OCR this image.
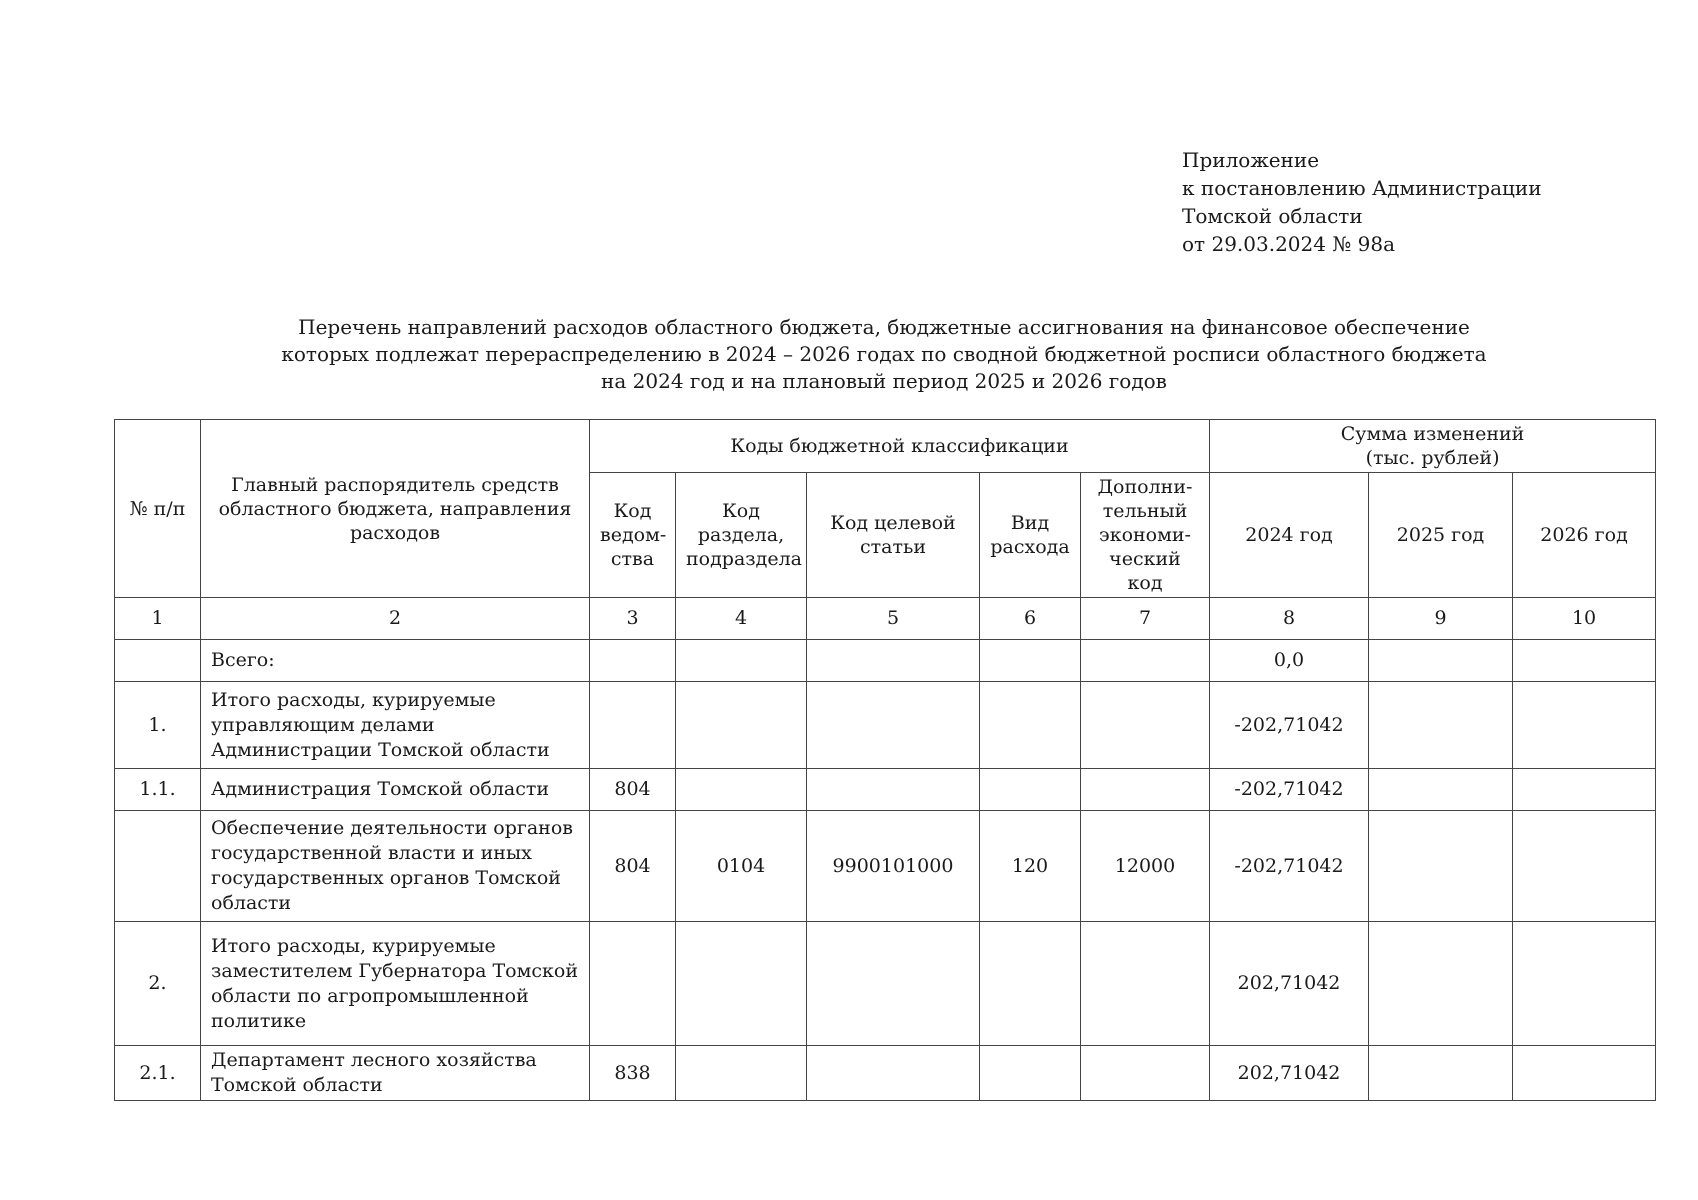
Приложение
к постановлению Администрации
Томской области
от 29.03.2024 № 98а
Перечень направлений расходов областного бюджета, бюджетные ассигнования на финансовое обеспечение
которых подлежат перераспределению в 2024 – 2026 годах по сводной бюджетной росписи областного бюджета
на 2024 год и на плановый период 2025 и 2026 годов
№ п/п	Главный распорядитель средств областного бюджета, направления расходов	Коды бюджетной классификации					Сумма изменений
(тыс. рублей)		
		Код ведом-ства	Код раздела, подраздела	Код целевой статьи	Вид расхода	Дополни-тельный экономи-ческий код	2024 год	2025 год	2026 год
1	2	3	4	5	6	7	8	9	10
	Всего:						0,0		
1.	Итого расходы, курируемые управляющим делами Администрации Томской области						-202,71042		
1.1.	Администрация Томской области	804					-202,71042		
	Обеспечение деятельности органов государственной власти и иных государственных органов Томской области	804	0104	9900101000	120	12000	-202,71042		
2.	Итого расходы, курируемые заместителем Губернатора Томской области по агропромышленной политике						202,71042		
2.1.	Департамент лесного хозяйства Томской области	838					202,71042		
